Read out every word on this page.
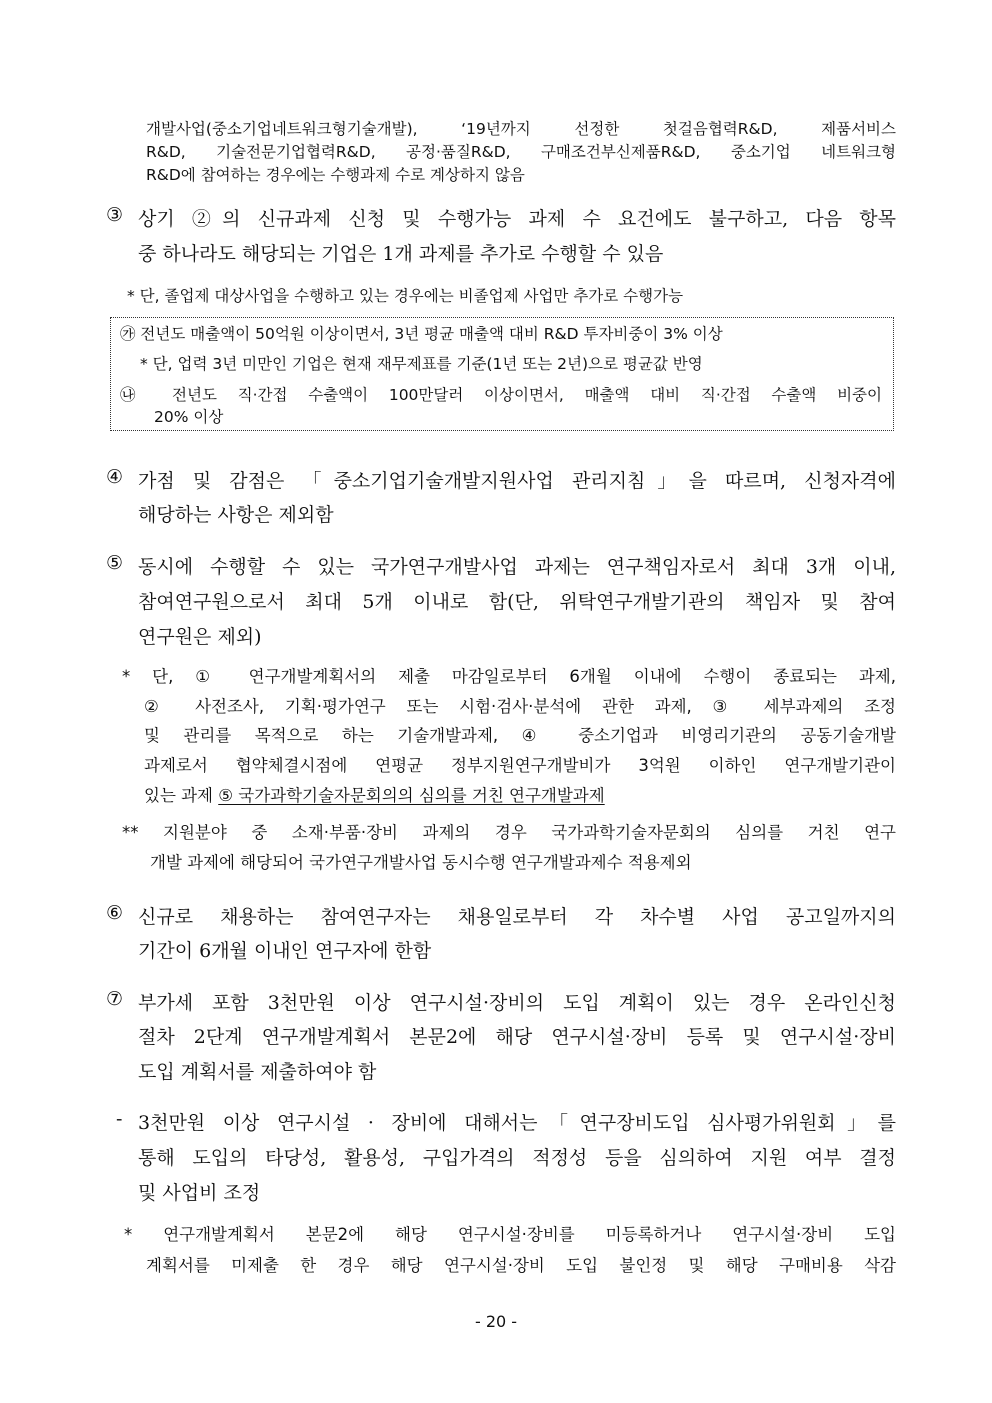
개발사업(중소기업네트워크형기술개발), ‘19년까지 선정한 첫걸음협력R&D, 제품서비스
R&D, 기술전문기업협력R&D, 공정·품질R&D, 구매조건부신제품R&D, 중소기업 네트워크형
R&D에 참여하는 경우에는 수행과제 수로 계상하지 않음
③ 상기 ②의 신규과제 신청 및 수행가능 과제 수 요건에도 불구하고, 다음 항목
중 하나라도 해당되는 기업은 1개 과제를 추가로 수행할 수 있음
* 단, 졸업제 대상사업을 수행하고 있는 경우에는 비졸업제 사업만 추가로 수행가능
㉮ 전년도 매출액이 50억원 이상이면서, 3년 평균 매출액 대비 R&D 투자비중이 3% 이상
* 단, 업력 3년 미만인 기업은 현재 재무제표를 기준(1년 또는 2년)으로 평균값 반영
㉯ 전년도 직·간접 수출액이 100만달러 이상이면서, 매출액 대비 직·간접 수출액 비중이
20% 이상
④ 가점 및 감점은 「중소기업기술개발지원사업 관리지침」을 따르며, 신청자격에
해당하는 사항은 제외함
⑤ 동시에 수행할 수 있는 국가연구개발사업 과제는 연구책임자로서 최대 3개 이내,
참여연구원으로서 최대 5개 이내로 함(단, 위탁연구개발기관의 책임자 및 참여
연구원은 제외)
* 단, ① 연구개발계획서의 제출 마감일로부터 6개월 이내에 수행이 종료되는 과제,
② 사전조사, 기획·평가연구 또는 시험·검사·분석에 관한 과제, ③ 세부과제의 조정
및 관리를 목적으로 하는 기술개발과제, ④ 중소기업과 비영리기관의 공동기술개발
과제로서 협약체결시점에 연평균 정부지원연구개발비가 3억원 이하인 연구개발기관이
있는 과제 ⑤ 국가과학기술자문회의의 심의를 거친 연구개발과제
** 지원분야 중 소재·부품·장비 과제의 경우 국가과학기술자문회의 심의를 거친 연구
개발 과제에 해당되어 국가연구개발사업 동시수행 연구개발과제수 적용제외
⑥ 신규로 채용하는 참여연구자는 채용일로부터 각 차수별 사업 공고일까지의
기간이 6개월 이내인 연구자에 한함
⑦ 부가세 포함 3천만원 이상 연구시설·장비의 도입 계획이 있는 경우 온라인신청
절차 2단계 연구개발계획서 본문2에 해당 연구시설·장비 등록 및 연구시설·장비
도입 계획서를 제출하여야 함
- 3천만원 이상 연구시설 · 장비에 대해서는「연구장비도입 심사평가위원회」를
통해 도입의 타당성, 활용성, 구입가격의 적정성 등을 심의하여 지원 여부 결정
및 사업비 조정
* 연구개발계획서 본문2에 해당 연구시설·장비를 미등록하거나 연구시설·장비 도입
계획서를 미제출 한 경우 해당 연구시설·장비 도입 불인정 및 해당 구매비용 삭감
- 20 -
